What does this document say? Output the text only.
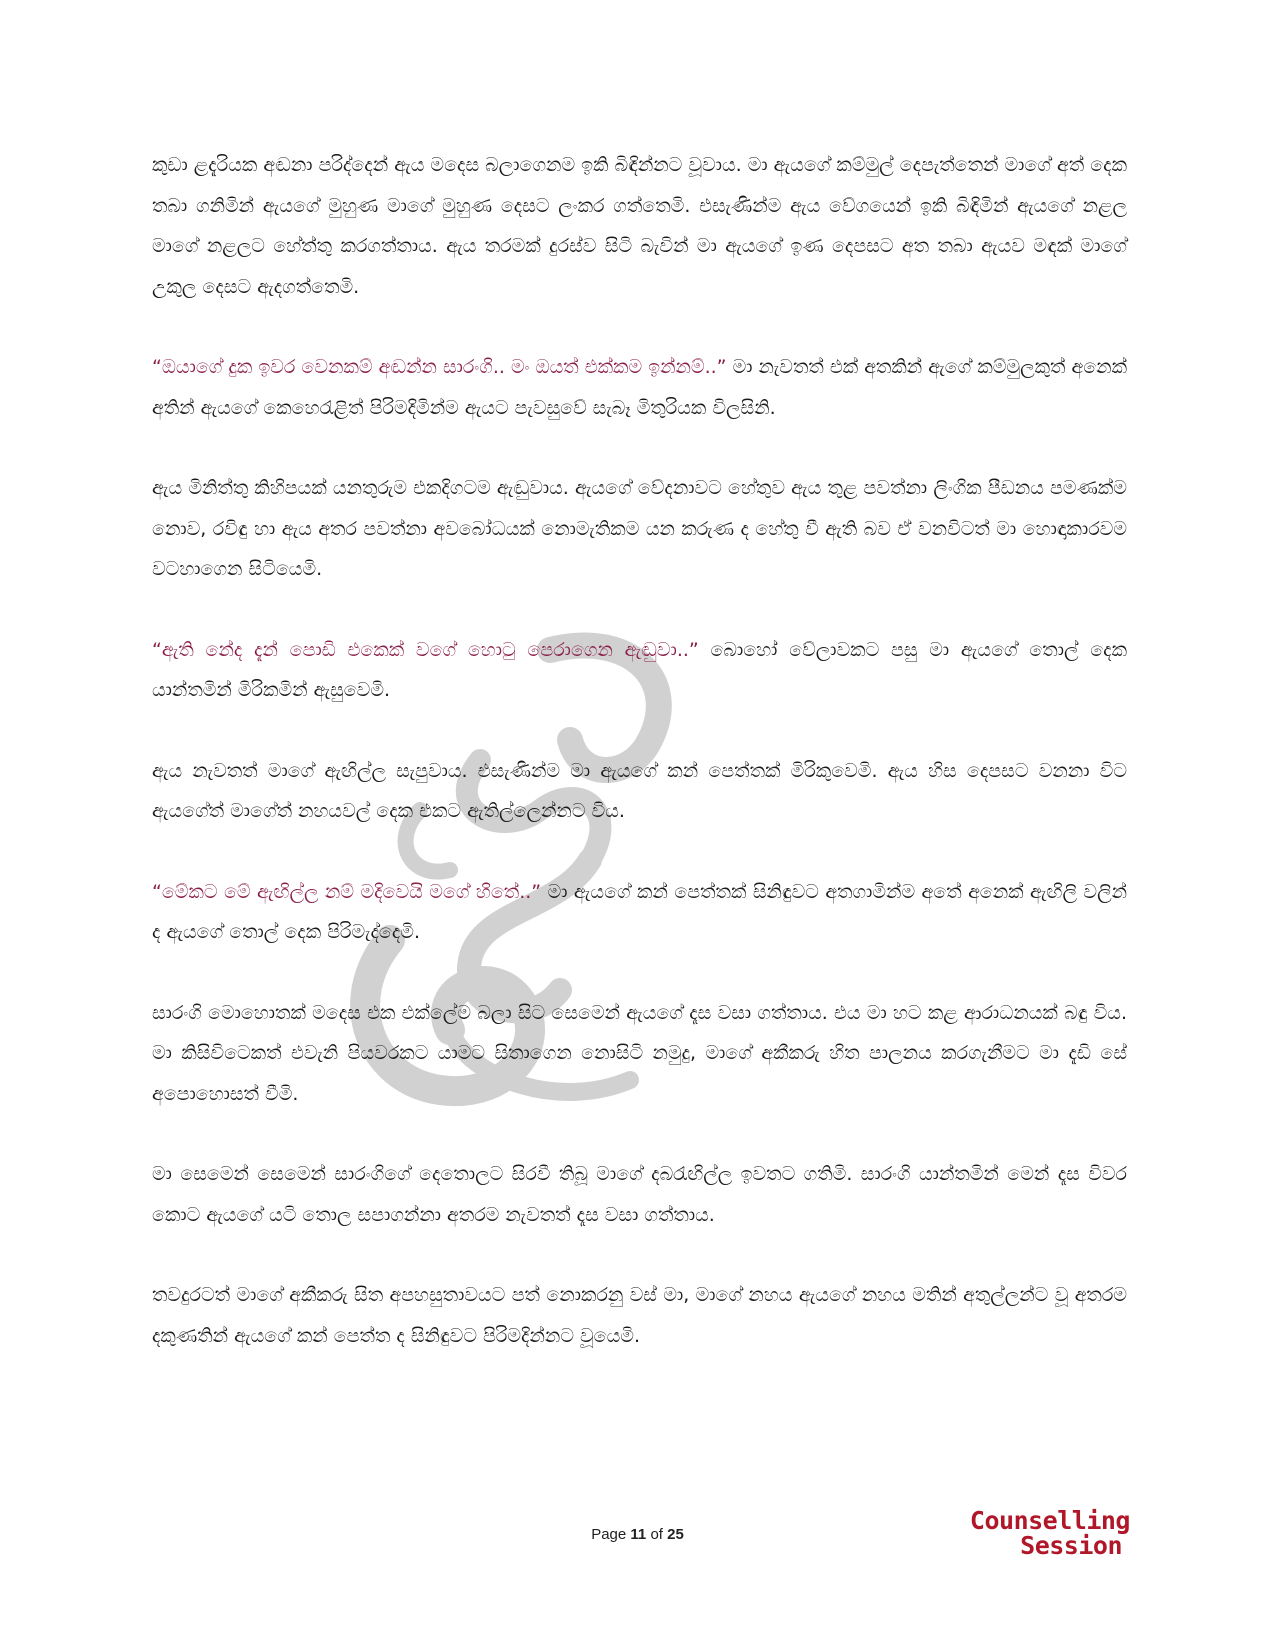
කුඩා ළදැරියක අඬනා පරිද්දෙන් ඇය මදෙස බලාගෙනම ඉකි බිඳින්නට වූවාය. මා ඇයගේ කම්මුල් දෙපැත්තෙන් මාගේ අත් දෙක තබා ගනිමින් ඇයගේ මුහුණ මාගේ මුහුණ දෙසට ලංකර ගත්තෙමි. එසැණින්ම ඇය වේගයෙන් ඉකි බිඳිමින් ඇයගේ නළල මාගේ නළලට හේත්තු කරගත්තාය. ඇය තරමක් දුරස්ව සිටි බැවින් මා ඇයගේ ඉණ දෙපසට අත තබා ඇයව මඳක් මාගේ උකුල දෙසට ඇදගත්තෙමි.

“ඔයාගේ දුක ඉවර වෙනකම් අඬන්න සාරංගි.. මං ඔයත් එක්කම ඉන්නම්..” මා නැවතත් එක් අතකින් ඇගේ කම්මුලකුත් අනෙක් අතින් ඇයගේ කෙහෙරැළිත් පිරිමදිමින්ම ඇයට පැවසුවේ සැබෑ මිතුරියක විලසිනි.

ඇය මිනිත්තු කිහිපයක් යනතුරුම එකදිගටම ඇඬුවාය. ඇයගේ වේදනාවට හේතුව ඇය තුළ පවත්නා ලිංගික පීඩනය පමණක්ම නොව, රවිඳු හා ඇය අතර පවත්නා අවබෝධයක් නොමැතිකම යන කරුණ ද හේතු වී ඇති බව ඒ වනවිටත් මා හොඳාකාරවම වටහාගෙන සිටියෙමි.

“ඇති නේද දැන් පොඩි එකෙක් වගේ හොටු පෙරාගෙන ඇඬුවා..” බොහෝ වේලාවකට පසු මා ඇයගේ තොල් දෙක යාන්තමින් මිරිකමින් ඇසුවෙමි.

ඇය නැවතත් මාගේ ඇඟිල්ල සැපුවාය. එසැණින්ම මා ඇයගේ කන් පෙත්තක් මිරිකුවෙමි. ඇය හිස දෙපසට වනනා විට ඇයගේත් මාගේත් නහයවල් දෙක එකට ඇතිල්ලෙන්නට විය.

“මේකට මේ ඇඟිල්ල නම් මදිවෙයි මගේ හිතේ..” මා ඇයගේ කන් පෙත්තක් සිනිඳුවට අතගාමින්ම අතේ අනෙක් ඇඟිලි වලින් ද ඇයගේ තොල් දෙක පිරිමැද්දෙමි.

සාරංගි මොහොතක් මදෙස එක එක්ලේම බලා සිට සෙමෙන් ඇයගේ දෑස වසා ගත්තාය. එය මා හට කළ ආරාධනයක් බඳු විය. මා කිසිවිටෙකත් එවැනි පියවරකට යාමට සිතාගෙන නොසිටි නමුදු, මාගේ අකීකරු හිත පාලනය කරගැනීමට මා දැඩි සේ අපොහොසත් වීමි.

මා සෙමෙන් සෙමෙන් සාරංගිගේ දෙතොලට සිරවී තිබූ මාගේ දබරැඟිල්ල ඉවතට ගතිමි. සාරංගි යාන්තමින් මෙන් දෑස විවර කොට ඇයගේ යටි තොල සපාගන්නා අතරම නැවතත් දෑස වසා ගත්තාය.

තවදුරටත් මාගේ අකීකරු සිත අපහසුතාවයට පත් නොකරනු වස් මා, මාගේ නහය ඇයගේ නහය මතින් අතුල්ලන්ට වූ අතරම දකුණතින් ඇයගේ කන් පෙත්ත ද සිනිඳුවට පිරිමදින්නට වූයෙමි.

Page 11 of 25	Counselling
Session
